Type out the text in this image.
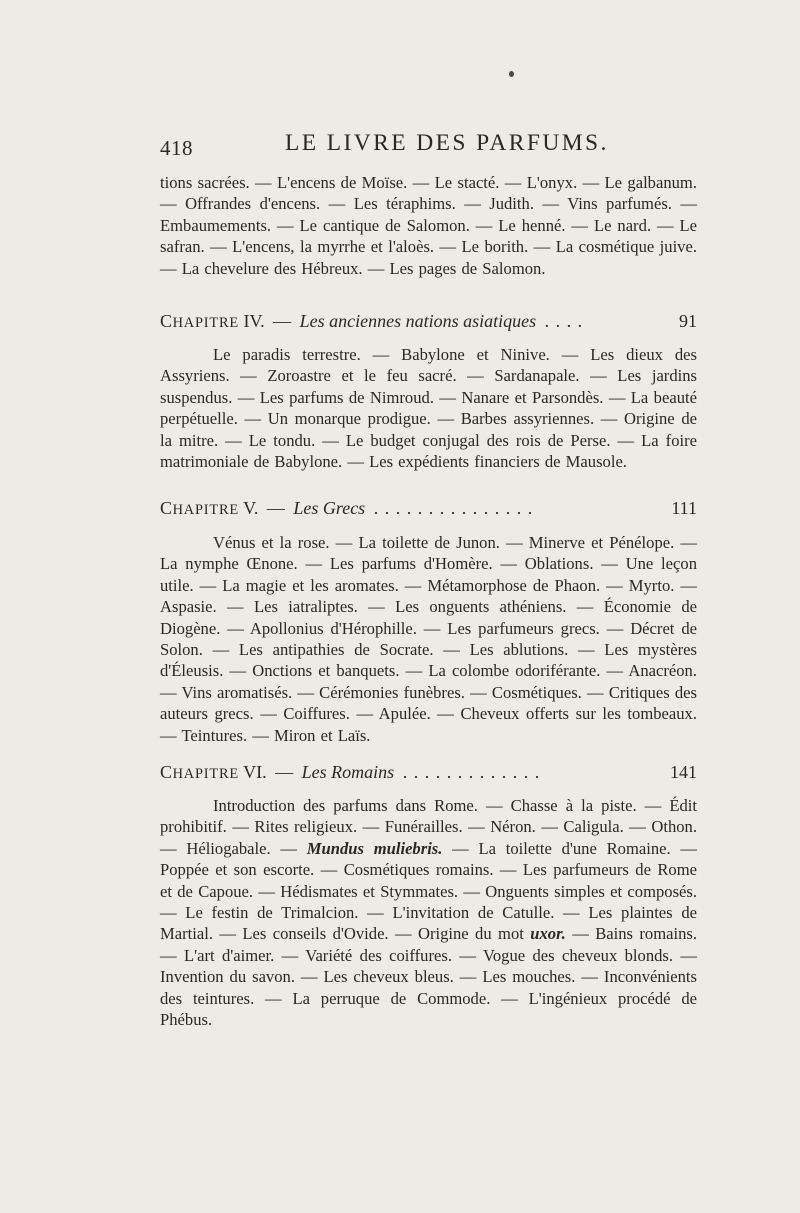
418	LE LIVRE DES PARFUMS.

tions sacrées. — L'encens de Moïse. — Le stacté. — L'onyx. — Le galbanum. — Offrandes d'encens. — Les téraphims. — Judith. — Vins parfumés. — Embaumements. — Le cantique de Salomon. — Le henné. — Le nard. — Le safran. — L'encens, la myrrhe et l'aloès. — Le borith. — La cosmétique juive. — La chevelure des Hébreux. — Les pages de Salomon.

CHAPITRE IV. — Les anciennes nations asiatiques ....	91

Le paradis terrestre. — Babylone et Ninive. — Les dieux des Assyriens. — Zoroastre et le feu sacré. — Sardanapale. — Les jardins suspendus. — Les parfums de Nimroud. — Nanare et Parsondès. — La beauté perpétuelle. — Un monarque prodigue. — Barbes assyriennes. — Origine de la mitre. — Le tondu. — Le budget conjugal des rois de Perse. — La foire matrimoniale de Babylone. — Les expédients financiers de Mausole.

CHAPITRE V. — Les Grecs ...............	111

Vénus et la rose. — La toilette de Junon. — Minerve et Pénélope. — La nymphe Œnone. — Les parfums d'Homère. — Oblations. — Une leçon utile. — La magie et les aromates. — Métamorphose de Phaon. — Myrto. — Aspasie. — Les iatraliptes. — Les onguents athéniens. — Économie de Diogène. — Apollonius d'Hérophille. — Les parfumeurs grecs. — Décret de Solon. — Les antipathies de Socrate. — Les ablutions. — Les mystères d'Éleusis. — Onctions et banquets. — La colombe odoriférante. — Anacréon. — Vins aromatisés. — Cérémonies funèbres. — Cosmétiques. — Critiques des auteurs grecs. — Coiffures. — Apulée. — Cheveux offerts sur les tombeaux. — Teintures. — Miron et Laïs.

CHAPITRE VI. — Les Romains .............	141

Introduction des parfums dans Rome. — Chasse à la piste. — Édit prohibitif. — Rites religieux. — Funérailles. — Néron. — Caligula. — Othon. — Héliogabale. — Mundus muliebris. — La toilette d'une Romaine. — Poppée et son escorte. — Cosmétiques romains. — Les parfumeurs de Rome et de Capoue. — Hédismates et Stymmates. — Onguents simples et composés. — Le festin de Trimalcion. — L'invitation de Catulle. — Les plaintes de Martial. — Les conseils d'Ovide. — Origine du mot uxor. — Bains romains. — L'art d'aimer. — Variété des coiffures. — Vogue des cheveux blonds. — Invention du savon. — Les cheveux bleus. — Les mouches. — Inconvénients des teintures. — La perruque de Commode. — L'ingénieux procédé de Phébus.
